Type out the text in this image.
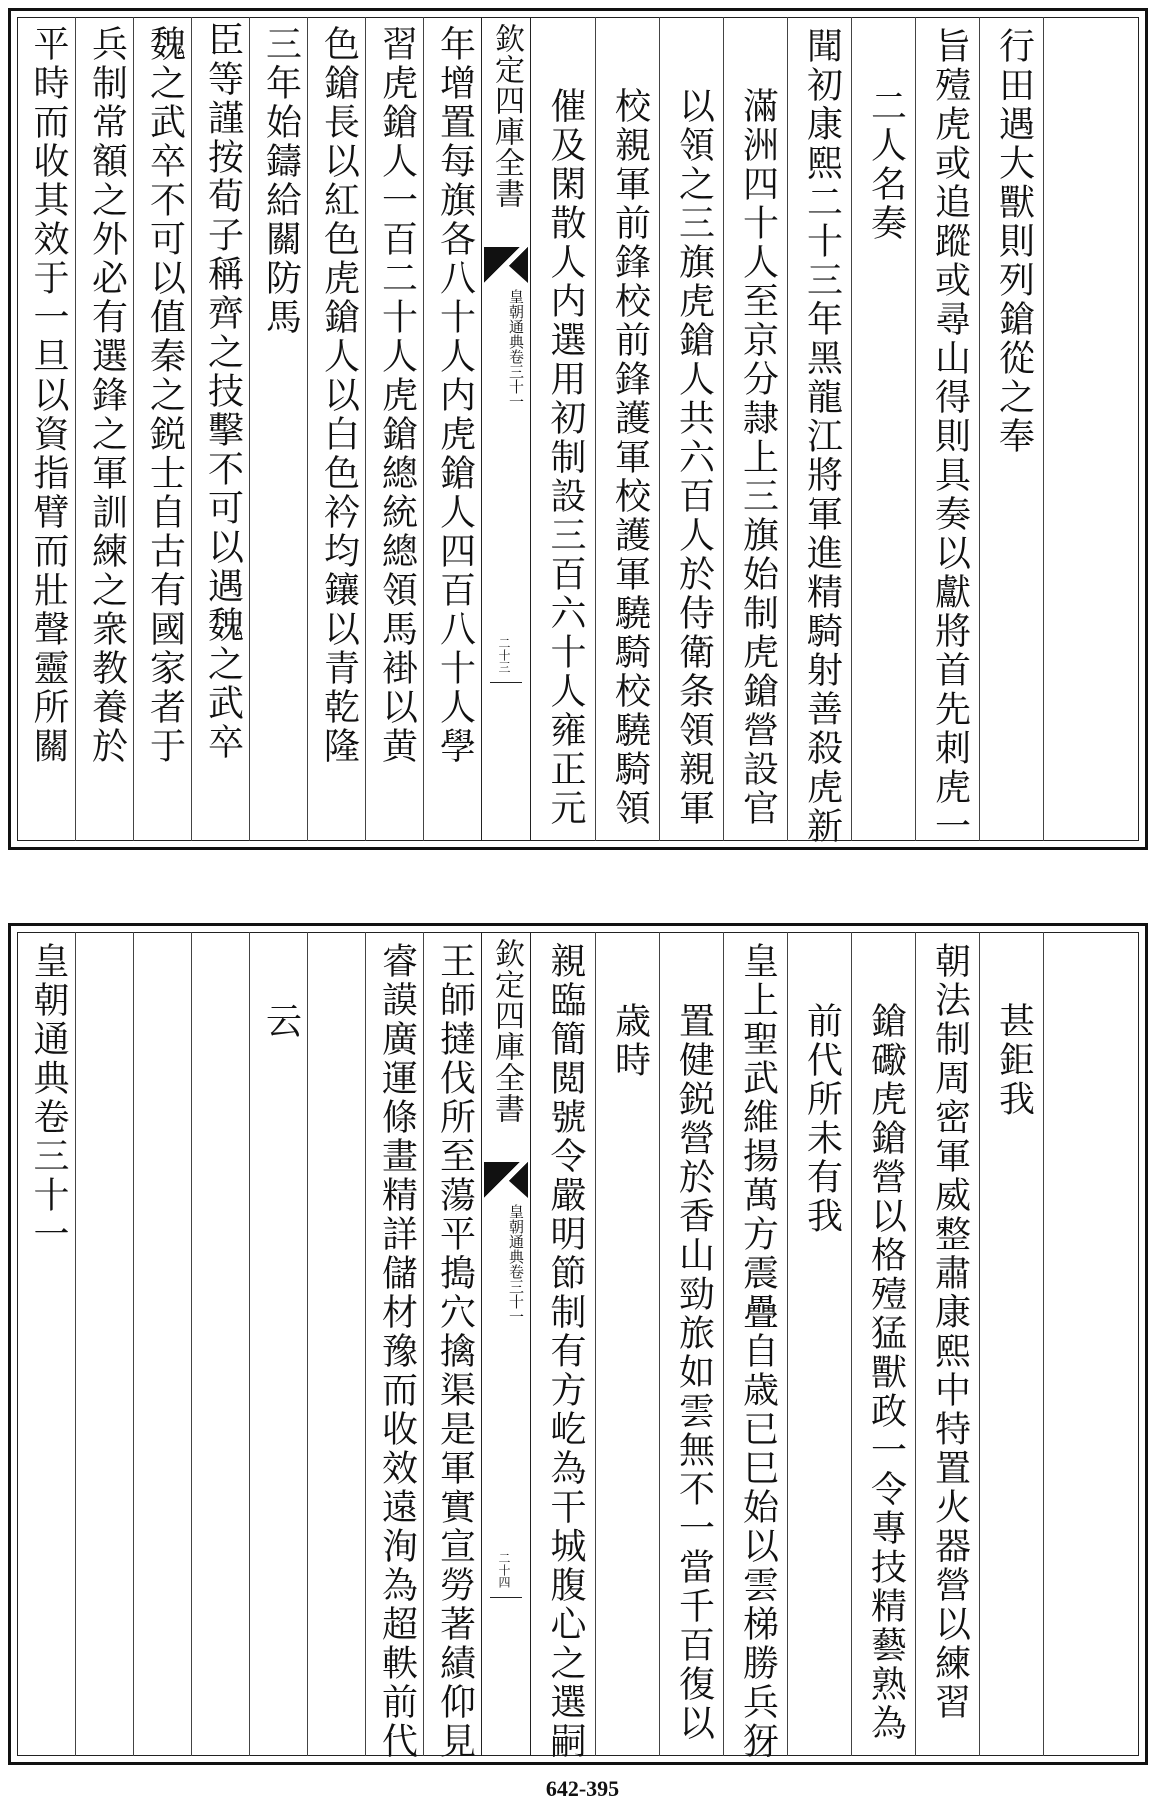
平時而收其效于一旦以資指臂而壯聲靈所關 兵制常額之外必有選鋒之軍訓練之衆教養於 魏之武卒不可以值秦之鋭士自古有國家者于 臣等謹按荀子稱齊之技擊不可以遇魏之武卒 三年始鑄給關防馬 色鎗長以紅色虎鎗人以白色衿均鑲以青乾隆 習虎鎗人一百二十人虎鎗總統總領馬褂以黄 年增置每旗各八十人内虎鎗人四百八十人學 欽定四庫全書
皇朝通典卷三十一
二十三 催及閑散人内選用初制設三百六十人雍正元 校親軍前鋒校前鋒護軍校護軍驍騎校驍騎領 以領之三旗虎鎗人共六百人於侍衛条領親軍 滿洲四十人至京分隷上三旗始制虎鎗營設官 聞初康熙二十三年黑龍江將軍進精騎射善殺虎新 二人名奏 旨殪虎或追蹤或尋山得則具奏以獻將首先刺虎一 行田遇大獸則列鎗從之奉
皇朝通典卷三十一	云 睿謨廣運條畫精詳儲材豫而收效遠洵為超軼前代 王師撻伐所至蕩平搗穴擒渠是軍實宣勞著績仰見 欽定四庫全書
皇朝通典卷三十一
二十四 親臨簡閲號令嚴明節制有方屹為干城腹心之選嗣 歳時 置健鋭營於香山勁旅如雲無不一當千百復以 皇上聖武維揚萬方震疊自歳已巳始以雲梯勝兵犽 前代所未有我 鎗礮虎鎗營以格殪猛獸政一令專技精藝熟為 朝法制周密軍威整肅康熙中特置火器營以練習 甚鉅我
642-395
